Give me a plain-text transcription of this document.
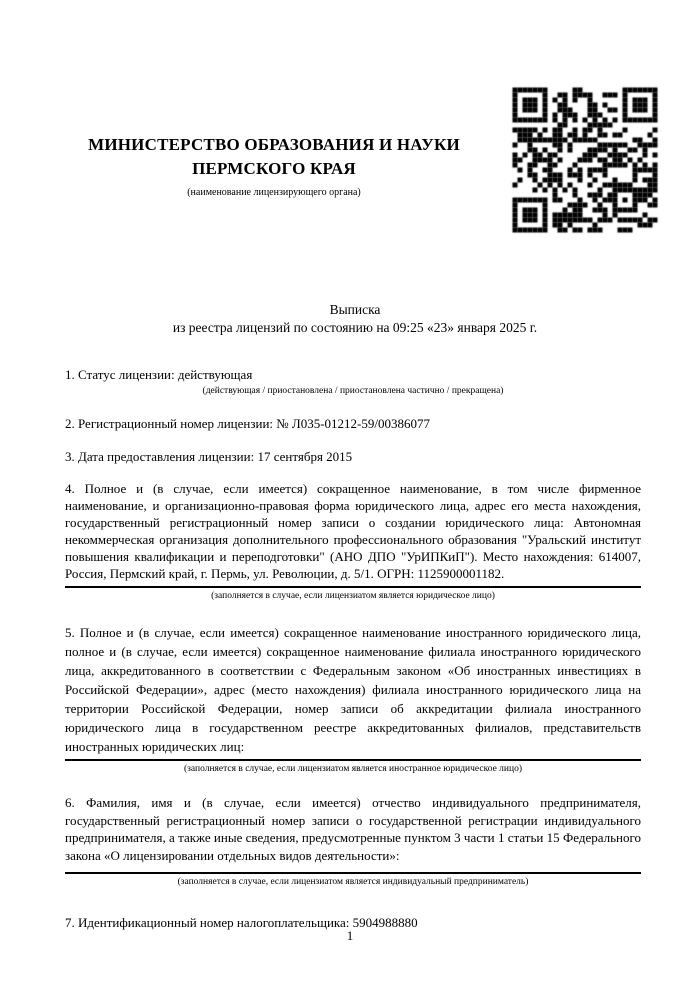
МИНИСТЕРСТВО ОБРАЗОВАНИЯ И НАУКИ
ПЕРМСКОГО КРАЯ
(наименование лицензирующего органа)
Выписка
из реестра лицензий по состоянию на 09:25 «23» января 2025 г.
1. Статус лицензии: действующая
(действующая / приостановлена / приостановлена частично / прекращена)
2. Регистрационный номер лицензии: № Л035-01212-59/00386077
3. Дата предоставления лицензии: 17 сентября 2015
4. Полное и (в случае, если имеется) сокращенное наименование, в том числе фирменное наименование, и организационно-правовая форма юридического лица, адрес его места нахождения, государственный регистрационный номер записи о создании юридического лица: Автономная некоммерческая организация дополнительного профессионального образования "Уральский институт повышения квалификации и переподготовки" (АНО ДПО "УрИПКиП"). Место нахождения: 614007, Россия, Пермский край, г. Пермь, ул. Революции, д. 5/1. ОГРН: 1125900001182.
(заполняется в случае, если лицензиатом является юридическое лицо)
5. Полное и (в случае, если имеется) сокращенное наименование иностранного юридического лица, полное и (в случае, если имеется) сокращенное наименование филиала иностранного юридического лица, аккредитованного в соответствии с Федеральным законом «Об иностранных инвестициях в Российской Федерации», адрес (место нахождения) филиала иностранного юридического лица на территории Российской Федерации, номер записи об аккредитации филиала иностранного юридического лица в государственном реестре аккредитованных филиалов, представительств иностранных юридических лиц:
(заполняется в случае, если лицензиатом является иностранное юридическое лицо)
6. Фамилия, имя и (в случае, если имеется) отчество индивидуального предпринимателя, государственный регистрационный номер записи о государственной регистрации индивидуального предпринимателя, а также иные сведения, предусмотренные пунктом 3 части 1 статьи 15 Федерального закона «О лицензировании отдельных видов деятельности»:
(заполняется в случае, если лицензиатом является индивидуальный предприниматель)
7. Идентификационный номер налогоплательщика: 5904988880
1
